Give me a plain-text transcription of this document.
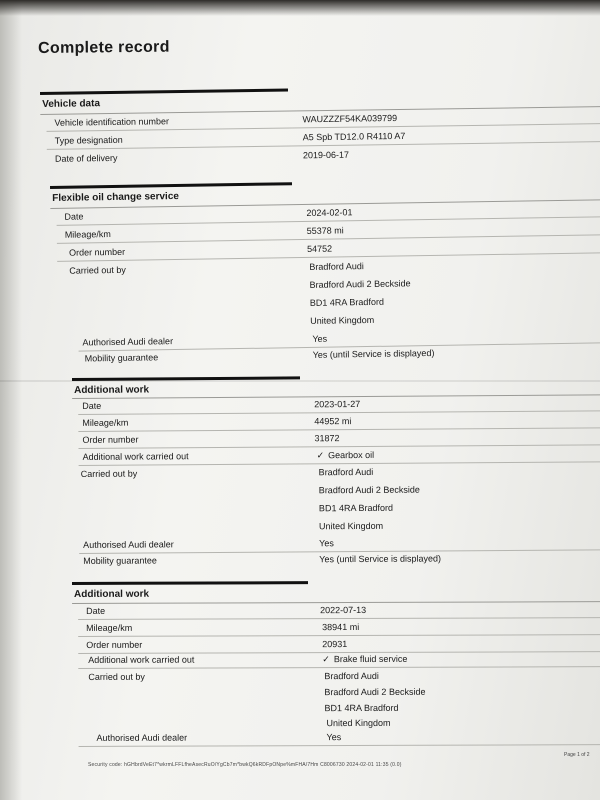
Complete record
Vehicle data
Vehicle identification number	WAUZZZF54KA039799
Type designation	A5 Spb TD12.0 R4110 A7
Date of delivery	2019-06-17
Flexible oil change service
Date	2024-02-01
Mileage/km	55378 mi
Order number	54752
Carried out by	Bradford Audi
Bradford Audi 2 Beckside
BD1 4RA Bradford
United Kingdom
Authorised Audi dealer	Yes
Mobility guarantee	Yes (until Service is displayed)
Additional work
Date	2023-01-27
Mileage/km	44952 mi
Order number	31872
Additional work carried out	✓ Gearbox oil
Carried out by	Bradford Audi
Bradford Audi 2 Beckside
BD1 4RA Bradford
United Kingdom
Authorised Audi dealer	Yes
Mobility guarantee	Yes (until Service is displayed)
Additional work
Date	2022-07-13
Mileage/km	38941 mi
Order number	20931
Additional work carried out	✓ Brake fluid service
Carried out by	Bradford Audi
Bradford Audi 2 Beckside
BD1 4RA Bradford
United Kingdom
Authorised Audi dealer	Yes
Security code: hGHbrdVeEt7*wkrmLFFLfheAsecRuO/YgCb7m*bwkQ6kRDFpONpe%mFHA/7Hm C8006730 2024-02-01 11:35 (0.0)
Page 1 of 2
